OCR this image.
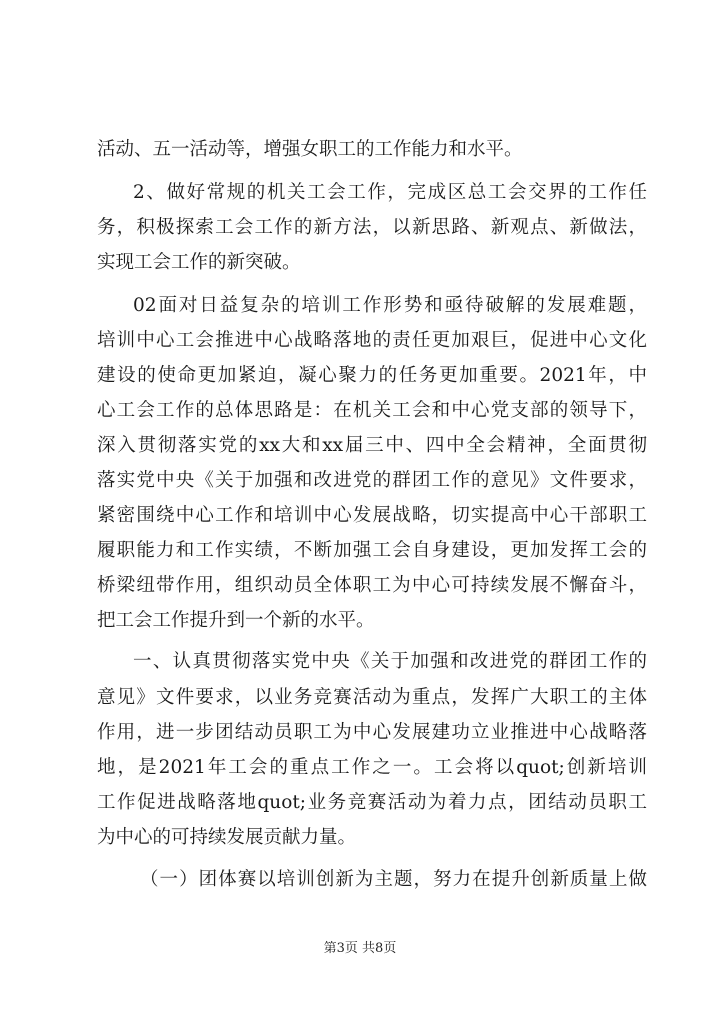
活动、五一活动等，增强女职工的工作能力和水平。
2、做好常规的机关工会工作，完成区总工会交界的工作任
务，积极探索工会工作的新方法，以新思路、新观点、新做法，
实现工会工作的新突破。
02面对日益复杂的培训工作形势和亟待破解的发展难题，
培训中心工会推进中心战略落地的责任更加艰巨，促进中心文化
建设的使命更加紧迫，凝心聚力的任务更加重要。2021年，中
心工会工作的总体思路是：在机关工会和中心党支部的领导下，
深入贯彻落实党的xx大和xx届三中、四中全会精神，全面贯彻
落实党中央《关于加强和改进党的群团工作的意见》文件要求，
紧密围绕中心工作和培训中心发展战略，切实提高中心干部职工
履职能力和工作实绩，不断加强工会自身建设，更加发挥工会的
桥梁纽带作用，组织动员全体职工为中心可持续发展不懈奋斗，
把工会工作提升到一个新的水平。
一、认真贯彻落实党中央《关于加强和改进党的群团工作的
意见》文件要求，以业务竞赛活动为重点，发挥广大职工的主体
作用，进一步团结动员职工为中心发展建功立业推进中心战略落
地，是2021年工会的重点工作之一。工会将以quot;创新培训
工作促进战略落地quot;业务竞赛活动为着力点，团结动员职工
为中心的可持续发展贡献力量。
（一）团体赛以培训创新为主题，努力在提升创新质量上做
第3页 共8页
